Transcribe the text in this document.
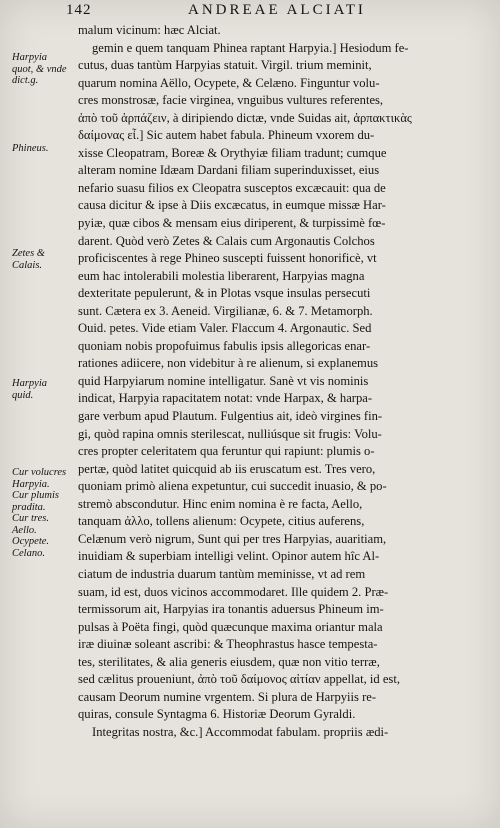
142	ANDREAE ALCIATI
Harpyia
quot, & vnde
dict.g.
Phineus.
Zetes &
Calais.
Harpyia
quid.
Cur volucres
Harpyia.
Cur plumis
pradita.
Cur tres.
Aello.
Ocypete.
Celano.
malum vicinum: hæc Alciat.
gemin e quem tanquam Phinea raptant Harpyia.] Hesiodum fe-
cutus, duas tantùm Harpyias statuit. Virgil. trium meminit,
quarum nomina Aëllo, Ocypete, & Celæno. Finguntur volu-
cres monstrosæ, facie virginea, vnguibus vultures referentes,
ἀπὸ τοῦ ἁρπάζειν, à diripiendo dictæ, vnde Suidas ait, ἁρπακτικὰς
δαίμονας εἶ.] Sic autem habet fabula. Phineum vxorem du-
xisse Cleopatram, Boreæ & Orythyiæ filiam tradunt; cumque
alteram nomine Idæam Dardani filiam superinduxisset, eius
nefario suasu filios ex Cleopatra susceptos excæcauit: qua de
causa dicitur & ipse à Diis excæcatus, in eumque missæ Har-
pyiæ, quæ cibos & mensam eius diriperent, & turpissimè fœ-
darent. Quòd verò Zetes & Calais cum Argonautis Colchos
proficiscentes à rege Phineo suscepti fuissent honorificè, vt
eum hac intolerabili molestia liberarent, Harpyias magna
dexteritate pepulerunt, & in Plotas vsque insulas persecuti
sunt. Cætera ex 3. Aeneid. Virgilianæ, 6. & 7. Metamorph.
Ouid. petes. Vide etiam Valer. Flaccum 4. Argonautic. Sed
quoniam nobis propofuimus fabulis ipsis allegoricas enar-
rationes adiicere, non videbitur à re alienum, si explanemus
quid Harpyiarum nomine intelligatur. Sanè vt vis nominis
indicat, Harpyia rapacitatem notat: vnde Harpax, & harpa-
gare verbum apud Plautum. Fulgentius ait, ideò virgines fin-
gi, quòd rapina omnis sterilescat, nulliúsque sit frugis: Volu-
cres propter celeritatem qua feruntur qui rapiunt: plumis o-
pertæ, quòd latitet quicquid ab iis eruscatum est. Tres vero,
quoniam primò aliena expetuntur, cui succedit inuasio, & po-
stremò abscondutur. Hinc enim nomina è re facta, Aello,
tanquam ἀλλο, tollens alienum: Ocypete, citius auferens,
Celænum verò nigrum, Sunt qui per tres Harpyias, auaritiam,
inuidiam & superbiam intelligi velint. Opinor autem hîc Al-
ciatum de industria duarum tantùm meminisse, vt ad rem
suam, id est, duos vicinos accommodaret. Ille quidem 2. Præ-
termissorum ait, Harpyias ira tonantis aduersus Phineum im-
pulsas à Poëta fingi, quòd quæcunque maxima oriantur mala
iræ diuinæ soleant ascribi: & Theophrastus hasce tempesta-
tes, sterilitates, & alia generis eiusdem, quæ non vitio terræ,
sed cælitus proueniunt, ἀπὸ τοῦ δαίμονος αἰτίαν appellat, id est,
causam Deorum numine vrgentem. Si plura de Harpyiis re-
quiras, consule Syntagma 6. Historiæ Deorum Gyraldi.
Integritas nostra, &c.] Accommodat fabulam. propriis ædi-
